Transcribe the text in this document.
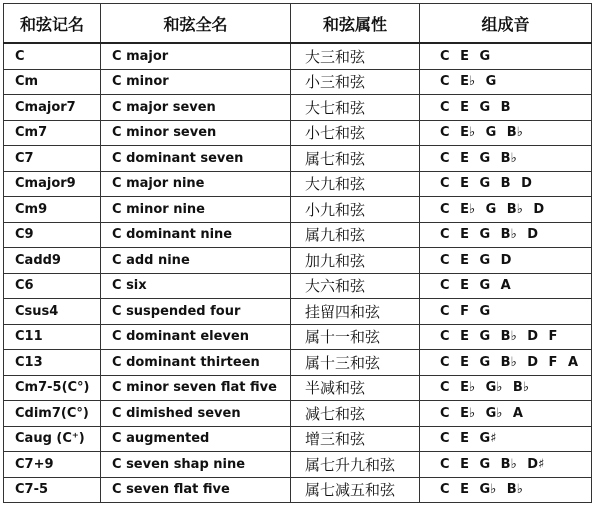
和弦记名	和弦全名	和弦属性	组成音
C	C major	大三和弦	C E G
Cm	C minor	小三和弦	C E♭ G
Cmajor7	C major seven	大七和弦	C E G B
Cm7	C minor seven	小七和弦	C E♭ G B♭
C7	C dominant seven	属七和弦	C E G B♭
Cmajor9	C major nine	大九和弦	C E G B D
Cm9	C minor nine	小九和弦	C E♭ G B♭ D
C9	C dominant nine	属九和弦	C E G B♭ D
Cadd9	C add nine	加九和弦	C E G D
C6	C six	大六和弦	C E G A
Csus4	C suspended four	挂留四和弦	C F G
C11	C dominant eleven	属十一和弦	C E G B♭ D F
C13	C dominant thirteen	属十三和弦	C E G B♭ D F A
Cm7-5(C°)	C minor seven flat five	半减和弦	C E♭ G♭ B♭
Cdim7(C°)	C dimished seven	减七和弦	C E♭ G♭ A
Caug (C⁺)	C augmented	增三和弦	C E G♯
C7+9	C seven shap nine	属七升九和弦	C E G B♭ D♯
C7-5	C seven flat five	属七减五和弦	C E G♭ B♭
